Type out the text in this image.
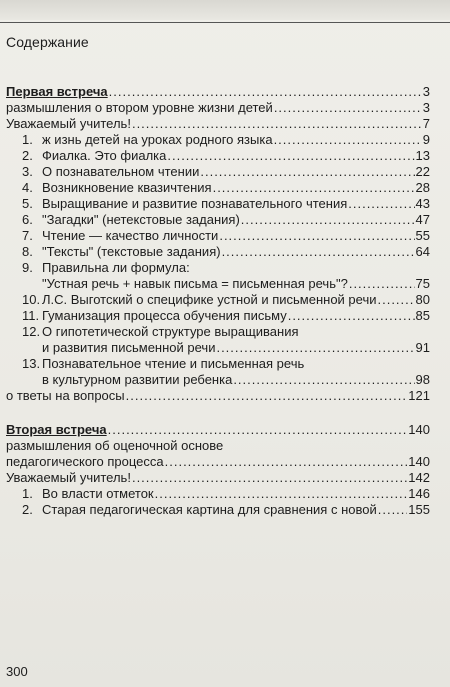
Содержание
Первая встреча .....	3
размышления о втором уровне жизни детей .....	3
Уважаемый учитель! .....	7
1. ж изнь детей на уроках родного языка .....	9
2. Фиалка. Это фиалка .....	13
3. О познавательном чтении .....	22
4. Возникновение квазичтения .....	28
5. Выращивание и развитие познавательного чтения .....	43
6. "Загадки" (нетекстовые задания) .....	47
7. Чтение — качество личности .....	55
8. "Тексты" (текстовые задания) .....	64
9. Правильна ли формула:
"Устная речь + навык письма = письменная речь"? .....	75
10. Л.С. Выготский о специфике устной и письменной речи .....	80
11. Гуманизация процесса обучения письму .....	85
12. О гипотетической структуре выращивания
и развития письменной речи .....	91
13. Познавательное чтение и письменная речь
в культурном развитии ребенка .....	98
о тветы на вопросы .....	121
Вторая встреча .....	140
размышления об оценочной основе
педагогического процесса .....	140
Уважаемый учитель! .....	142
1. Во власти отметок .....	146
2. Старая педагогическая картина для сравнения с новой ..... 155
300
